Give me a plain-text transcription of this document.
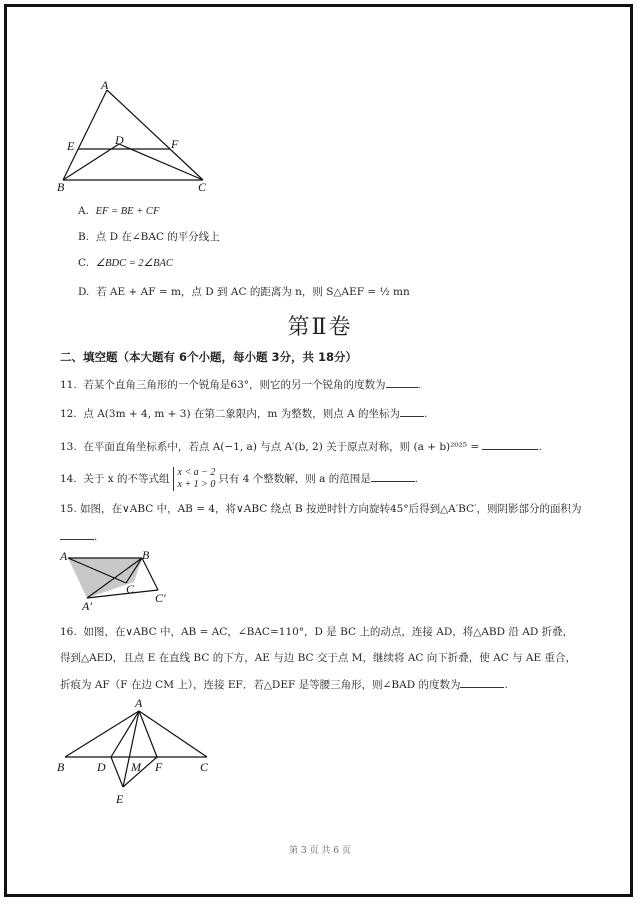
A
E	D	F
B	C
A. EF = BE + CF
B. 点 D 在∠BAC 的平分线上
C. ∠BDC = 2∠BAC
D. 若 AE + AF = m，点 D 到 AC 的距离为 n，则 S△AEF = ½ mn
第Ⅱ卷
二、填空题（本大题有 6个小题，每小题 3分，共 18分）
11. 若某个直角三角形的一个锐角是63°，则它的另一个锐角的度数为	.
12. 点 A(3m + 4, m + 3) 在第二象限内，m 为整数，则点 A 的坐标为 .
13. 在平面直角坐标系中，若点 A(−1, a) 与点 A′(b, 2) 关于原点对称，则 (a + b)²⁰²⁵ =	.
14. 关于 x 的不等式组x < a − 2
x + 1 > 0 只有 4 个整数解，则 a 的范围是	.
15. 如图，在∨ABC 中，AB = 4，将∨ABC 绕点 B 按逆时针方向旋转45°后得到△A′BC′，则阴影部分的面积为
.
A	B
C
A′
C′
16. 如图，在∨ABC 中，AB = AC，∠BAC=110°，D 是 BC 上的动点，连接 AD，将△ABD 沿 AD 折叠，
得到△AED，且点 E 在直线 BC 的下方，AE 与边 BC 交于点 M，继续将 AC 向下折叠，使 AC 与 AE 重合，
折痕为 AF（F 在边 CM 上），连接 EF．若△DEF 是等腰三角形，则∠BAD 的度数为	.
A
B	D M F	C
E
第 3 页 共 6 页
